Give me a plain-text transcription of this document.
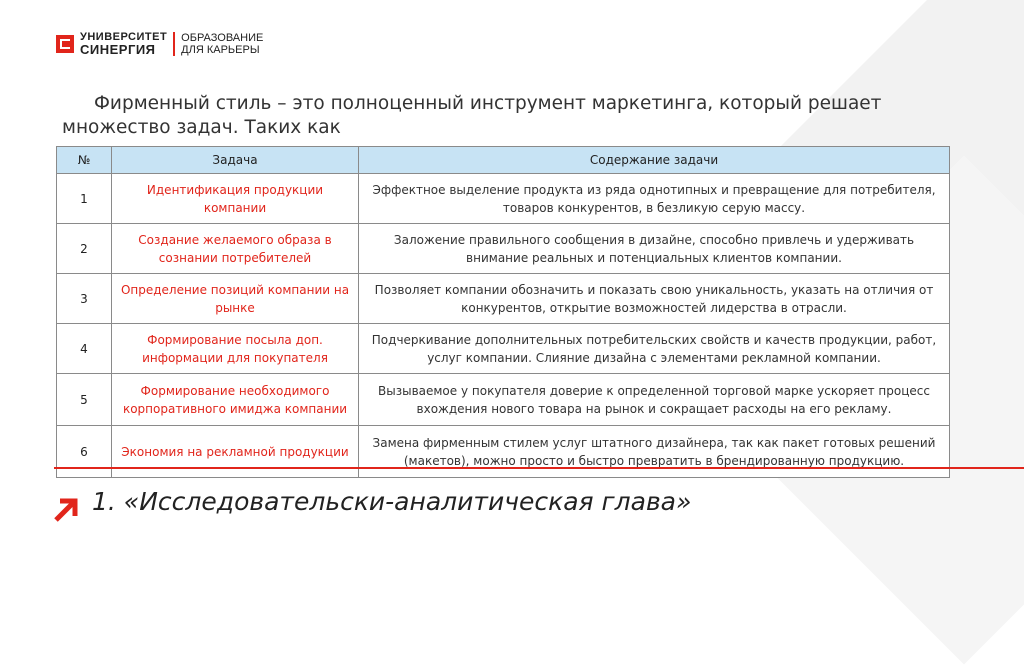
УНИВЕРСИТЕТ
СИНЕРГИЯ
ОБРАЗОВАНИЕ
ДЛЯ КАРЬЕРЫ

Фирменный стиль – это полноценный инструмент маркетинга, который решает множество задач. Таких как

№	Задача	Содержание задачи
1	Идентификация продукции компании	Эффектное выделение продукта из ряда однотипных и превращение для потребителя, товаров конкурентов, в безликую серую массу.
2	Создание желаемого образа в сознании потребителей	Заложение правильного сообщения в дизайне, способно привлечь и удерживать внимание реальных и потенциальных клиентов компании.
3	Определение позиций компании на рынке	Позволяет компании обозначить и показать свою уникальность, указать на отличия от конкурентов, открытие возможностей лидерства в отрасли.
4	Формирование посыла доп. информации для покупателя	Подчеркивание дополнительных потребительских свойств и качеств продукции, работ, услуг компании. Слияние дизайна с элементами рекламной компании.
5	Формирование необходимого корпоративного имиджа компании	Вызываемое у покупателя доверие к определенной торговой марке ускоряет процесс вхождения нового товара на рынок и сокращает расходы на его рекламу.
6	Экономия на рекламной продукции	Замена фирменным стилем услуг штатного дизайнера, так как пакет готовых решений (макетов), можно просто и быстро превратить в брендированную продукцию.

1. «Исследовательски-аналитическая глава»
